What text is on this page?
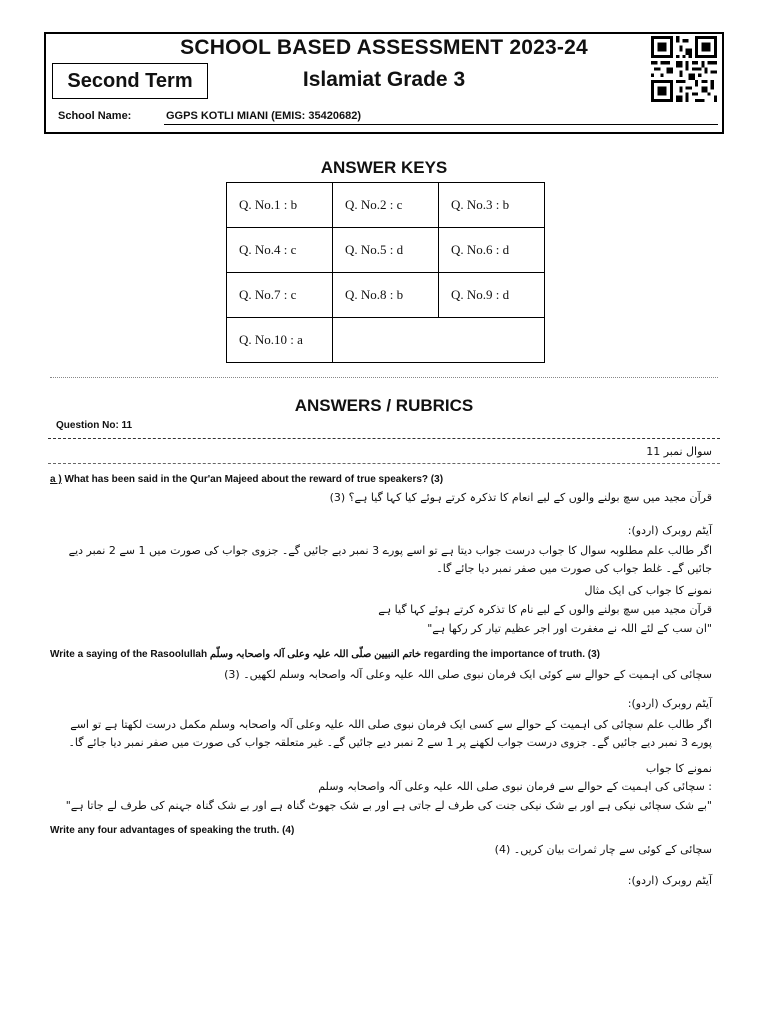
SCHOOL BASED ASSESSMENT 2023-24
Islamiat Grade 3
Second Term
School Name:	GGPS KOTLI MIANI (EMIS: 35420682)
ANSWER KEYS
Q. No.1 : b	Q. No.2 : c	Q. No.3 : b
Q. No.4 : c	Q. No.5 : d	Q. No.6 : d
Q. No.7 : c	Q. No.8 : b	Q. No.9 : d
Q. No.10 : a		
ANSWERS / RUBRICS
Question No: 11
سوال نمبر 11
a ) What has been said in the Qur'an Majeed about the reward of true speakers? (3)
قرآن مجید میں سچ بولنے والوں کے لیے انعام کا تذکرہ کرتے ہوئے کیا کہا گیا ہے؟ (3)
آیٹم روبرک (اردو):
اگر طالب علم مطلوبہ سوال کا جواب درست جواب دیتا ہے تو اسے پورے 3 نمبر دیے جائیں گے۔ جزوی جواب کی صورت میں 1 سے 2 نمبر دیے جائیں گے۔ غلط جواب کی صورت میں صفر نمبر دیا جائے گا۔
نمونے کا جواب کی ایک مثال
قرآن مجید میں سچ بولنے والوں کے لیے نام کا تذکرہ کرتے ہوئے کہا گیا ہے
"ان سب کے لئے اللہ نے مغفرت اور اجر عظیم تیار کر رکھا ہے"
Write a saying of the Rasoolullah خاتم النبیین صلّی اللہ علیہ وعلی آلہ واصحابہ وسلّم regarding the importance of truth. (3)
سچائی کی اہمیت کے حوالے سے کوئی ایک فرمان نبوی صلی اللہ علیہ وعلی آلہ واصحابہ وسلم لکھیں۔ (3)
آیٹم روبرک (اردو):
اگر طالب علم سچائی کی اہمیت کے حوالے سے کسی ایک فرمان نبوی صلی اللہ علیہ وعلی آلہ واصحابہ وسلم مکمل درست لکھتا ہے تو اسے پورے 3 نمبر دیے جائیں گے۔ جزوی درست جواب لکھنے پر 1 سے 2 نمبر دیے جائیں گے۔ غیر متعلقہ جواب کی صورت میں صفر نمبر دیا جائے گا۔
نمونے کا جواب
: سچائی کی اہمیت کے حوالے سے فرمان نبوی صلی اللہ علیہ وعلی آلہ واصحابہ وسلم
"بے شک سچائی نیکی ہے اور بے شک نیکی جنت کی طرف لے جاتی ہے اور بے شک جھوٹ گناہ ہے اور بے شک گناہ جہنم کی طرف لے جاتا ہے"
Write any four advantages of speaking the truth. (4)
سچائی کے کوئی سے چار ثمرات بیان کریں۔ (4)
آیٹم روبرک (اردو):
